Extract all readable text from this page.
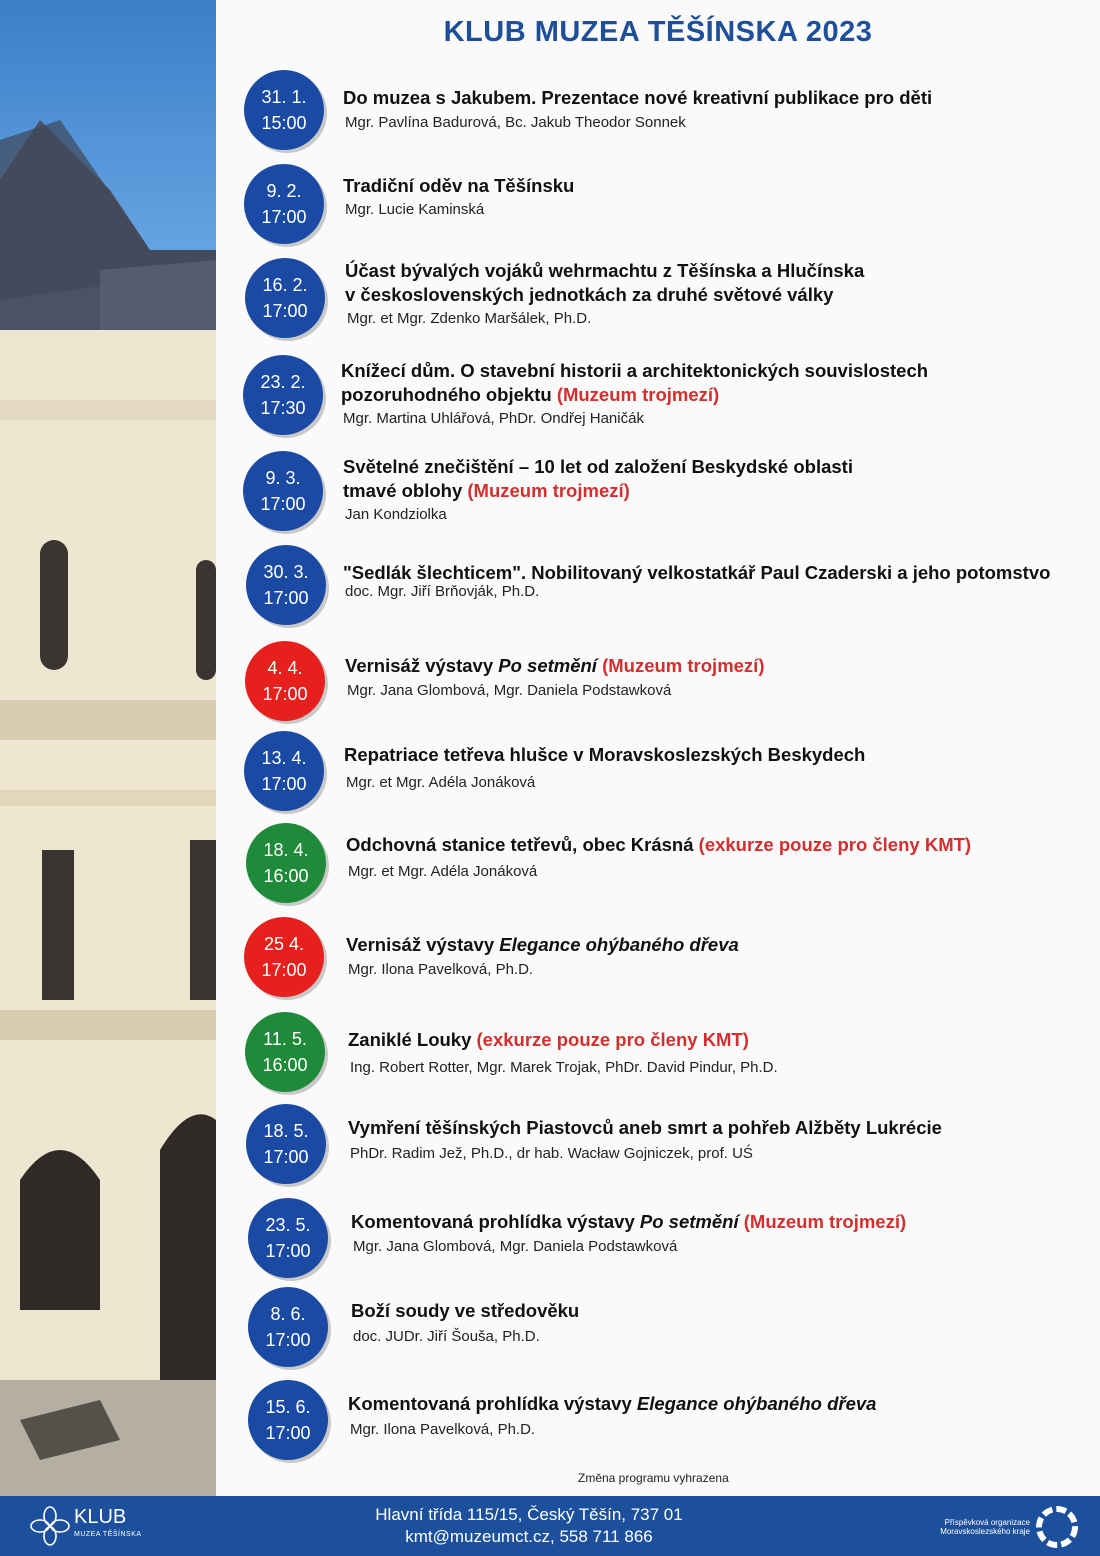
KLUB MUZEA TĚŠÍNSKA 2023
31. 1.
15:00
Do muzea s Jakubem. Prezentace nové kreativní publikace pro děti
Mgr. Pavlína Badurová, Bc. Jakub Theodor Sonnek
9. 2.
17:00
Tradiční oděv na Těšínsku
Mgr. Lucie Kaminská
16. 2.
17:00
Účast bývalých vojáků wehrmachtu z Těšínska a Hlučínska
v československých jednotkách za druhé světové války
Mgr. et Mgr. Zdenko Maršálek, Ph.D.
23. 2.
17:30
Knížecí dům. O stavební historii a architektonických souvislostech
pozoruhodného objektu (Muzeum trojmezí)
Mgr. Martina Uhlářová, PhDr. Ondřej Haničák
9. 3.
17:00
Světelné znečištění – 10 let od založení Beskydské oblasti
tmavé oblohy (Muzeum trojmezí)
Jan Kondziolka
30. 3.
17:00
"Sedlák šlechticem". Nobilitovaný velkostatkář Paul Czaderski a jeho potomstvo
doc. Mgr. Jiří Brňovják, Ph.D.
4. 4.
17:00
Vernisáž výstavy Po setmění (Muzeum trojmezí)
Mgr. Jana Glombová, Mgr. Daniela Podstawková
13. 4.
17:00
Repatriace tetřeva hlušce v Moravskoslezských Beskydech
Mgr. et Mgr. Adéla Jonáková
18. 4.
16:00
Odchovná stanice tetřevů, obec Krásná (exkurze pouze pro členy KMT)
Mgr. et Mgr. Adéla Jonáková
25 4.
17:00
Vernisáž výstavy Elegance ohýbaného dřeva
Mgr. Ilona Pavelková, Ph.D.
11. 5.
16:00
Zaniklé Louky (exkurze pouze pro členy KMT)
Ing. Robert Rotter, Mgr. Marek Trojak, PhDr. David Pindur, Ph.D.
18. 5.
17:00
Vymření těšínských Piastovců aneb smrt a pohřeb Alžběty Lukrécie
PhDr. Radim Jež, Ph.D., dr hab. Wacław Gojniczek, prof. UŚ
23. 5.
17:00
Komentovaná prohlídka výstavy Po setmění (Muzeum trojmezí)
Mgr. Jana Glombová, Mgr. Daniela Podstawková
8. 6.
17:00
Boží soudy ve středověku
doc. JUDr. Jiří Šouša, Ph.D.
15. 6.
17:00
Komentovaná prohlídka výstavy Elegance ohýbaného dřeva
Mgr. Ilona Pavelková, Ph.D.
Změna programu vyhrazena
KLUB
MUZEA TĚŠÍNSKA
Hlavní třída 115/15, Český Těšín, 737 01
kmt@muzeumct.cz, 558 711 866
Příspěvková organizace
Moravskoslezského kraje
